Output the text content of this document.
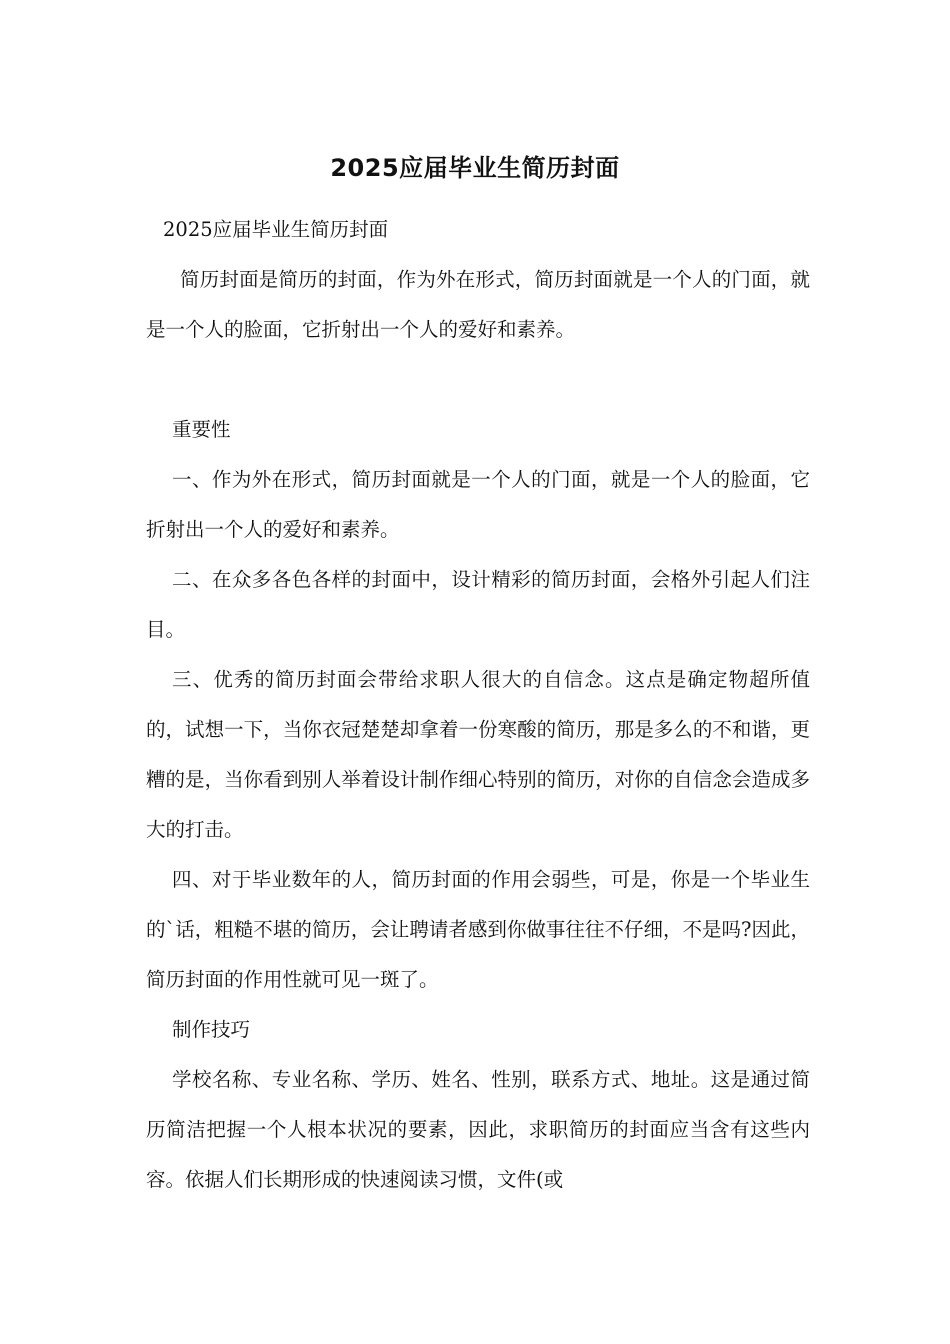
2025应届毕业生简历封面

2025应届毕业生简历封面

简历封面是简历的封面，作为外在形式，简历封面就是一个人的门面，就是一个人的脸面，它折射出一个人的爱好和素养。

重要性

一、作为外在形式，简历封面就是一个人的门面，就是一个人的脸面，它折射出一个人的爱好和素养。

二、在众多各色各样的封面中，设计精彩的简历封面，会格外引起人们注目。

三、优秀的简历封面会带给求职人很大的自信念。这点是确定物超所值的，试想一下，当你衣冠楚楚却拿着一份寒酸的简历，那是多么的不和谐，更糟的是，当你看到别人举着设计制作细心特别的简历，对你的自信念会造成多大的打击。

四、对于毕业数年的人，简历封面的作用会弱些，可是，你是一个毕业生的`话，粗糙不堪的简历，会让聘请者感到你做事往往不仔细，不是吗?因此，简历封面的作用性就可见一斑了。

制作技巧

学校名称、专业名称、学历、姓名、性别，联系方式、地址。这是通过简历简洁把握一个人根本状况的要素，因此，求职简历的封面应当含有这些内容。依据人们长期形成的快速阅读习惯，文件(或
